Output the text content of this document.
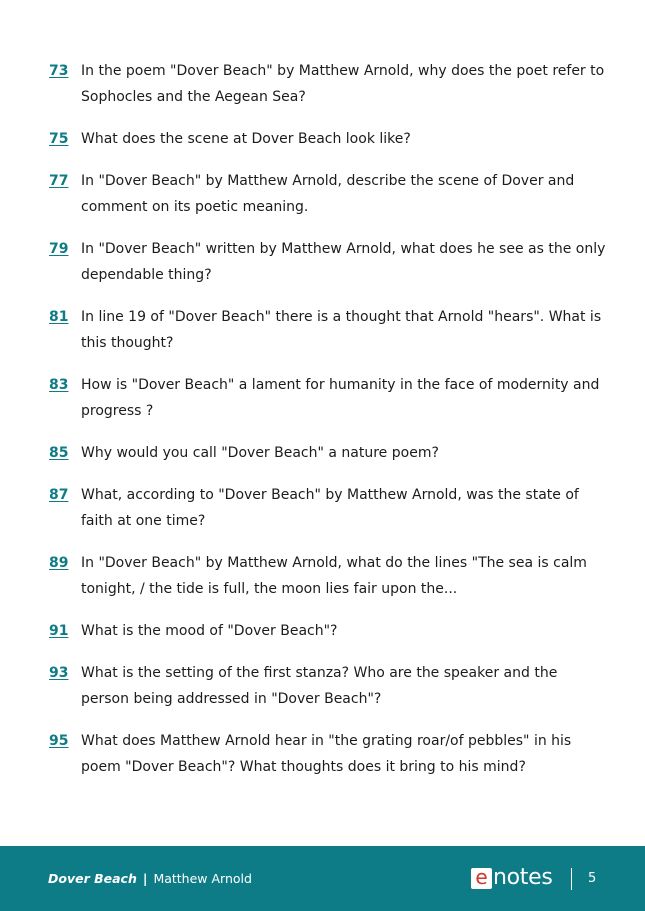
73 In the poem "Dover Beach" by Matthew Arnold, why does the poet refer to Sophocles and the Aegean Sea?
75 What does the scene at Dover Beach look like?
77 In "Dover Beach" by Matthew Arnold, describe the scene of Dover and comment on its poetic meaning.
79 In "Dover Beach" written by Matthew Arnold, what does he see as the only dependable thing?
81 In line 19 of "Dover Beach" there is a thought that Arnold "hears". What is this thought?
83 How is "Dover Beach" a lament for humanity in the face of modernity and progress ?
85 Why would you call "Dover Beach" a nature poem?
87 What, according to "Dover Beach" by Matthew Arnold, was the state of faith at one time?
89 In "Dover Beach" by Matthew Arnold, what do the lines "The sea is calm tonight, / the tide is full, the moon lies fair upon the...
91 What is the mood of "Dover Beach"?
93 What is the setting of the first stanza? Who are the speaker and the person being addressed in "Dover Beach"?
95 What does Matthew Arnold hear in "the grating roar/of pebbles" in his poem "Dover Beach"? What thoughts does it bring to his mind?
Dover Beach | Matthew Arnold	e notes	5
